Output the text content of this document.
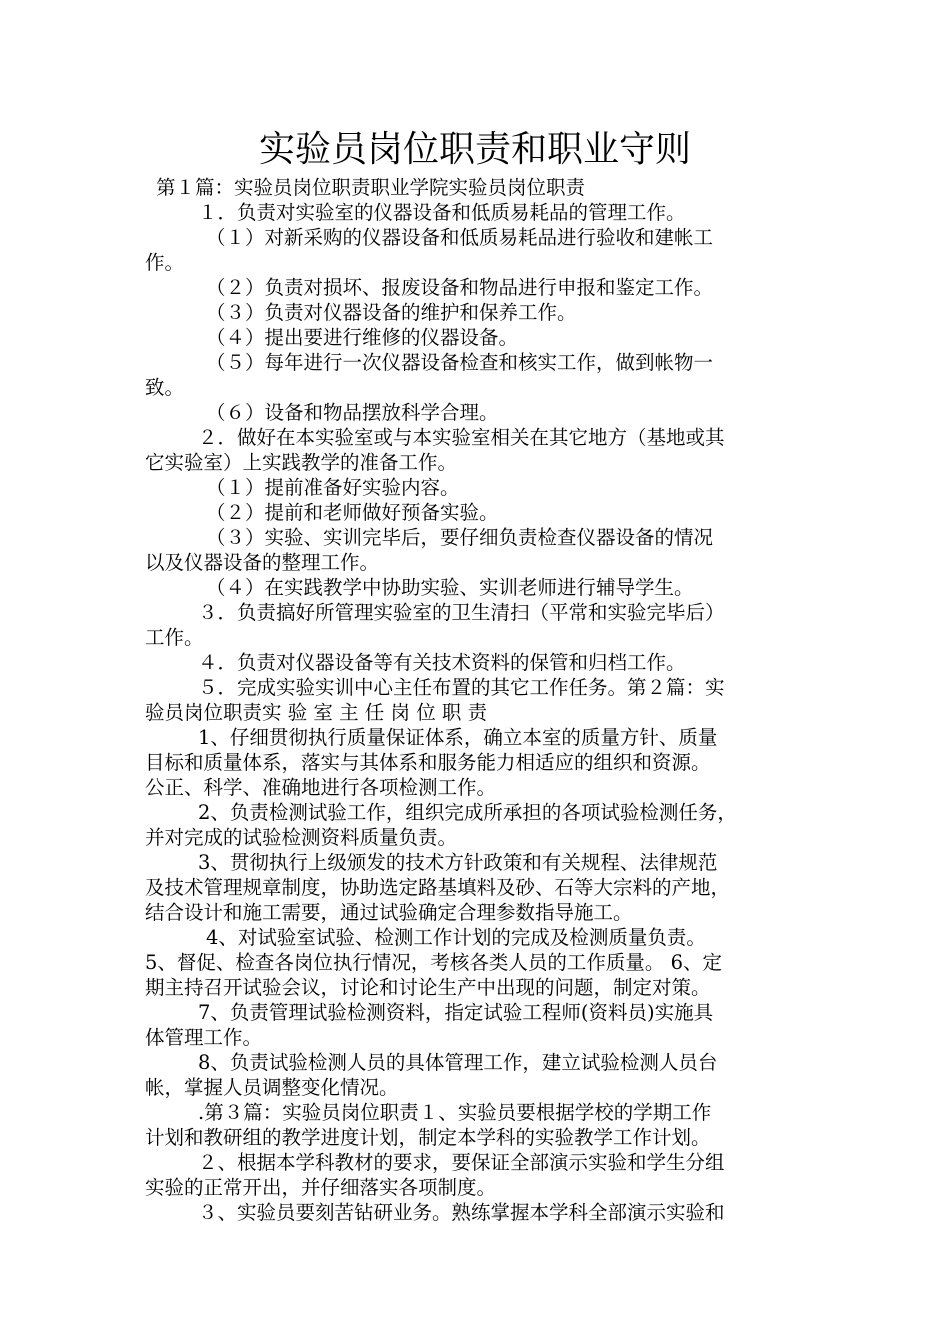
实验员岗位职责和职业守则
第１篇：实验员岗位职责职业学院实验员岗位职责
１．负责对实验室的仪器设备和低质易耗品的管理工作。
（１）对新采购的仪器设备和低质易耗品进行验收和建帐工
作。
（２）负责对损坏、报废设备和物品进行申报和鉴定工作。
（３）负责对仪器设备的维护和保养工作。
（４）提出要进行维修的仪器设备。
（５）每年进行一次仪器设备检查和核实工作，做到帐物一
致。
（６）设备和物品摆放科学合理。
２．做好在本实验室或与本实验室相关在其它地方（基地或其
它实验室）上实践教学的准备工作。
（１）提前准备好实验内容。
（２）提前和老师做好预备实验。
（３）实验、实训完毕后，要仔细负责检查仪器设备的情况
以及仪器设备的整理工作。
（４）在实践教学中协助实验、实训老师进行辅导学生。
３．负责搞好所管理实验室的卫生清扫（平常和实验完毕后）
工作。
４．负责对仪器设备等有关技术资料的保管和归档工作。
５．完成实验实训中心主任布置的其它工作任务。第２篇：实
验员岗位职责实 验 室 主 任 岗 位 职 责
1、仔细贯彻执行质量保证体系，确立本室的质量方针、质量
目标和质量体系，落实与其体系和服务能力相适应的组织和资源。
公正、科学、准确地进行各项检测工作。
2、负责检测试验工作，组织完成所承担的各项试验检测任务，
并对完成的试验检测资料质量负责。
3、贯彻执行上级颁发的技术方针政策和有关规程、法律规范
及技术管理规章制度，协助选定路基填料及砂、石等大宗料的产地，
结合设计和施工需要，通过试验确定合理参数指导施工。
4、对试验室试验、检测工作计划的完成及检测质量负责。
5、督促、检查各岗位执行情况，考核各类人员的工作质量。 6、定
期主持召开试验会议，讨论和讨论生产中出现的问题，制定对策。
7、负责管理试验检测资料，指定试验工程师(资料员)实施具
体管理工作。
8、负责试验检测人员的具体管理工作，建立试验检测人员台
帐，掌握人员调整变化情况。
.第３篇：实验员岗位职责１、实验员要根据学校的学期工作
计划和教研组的教学进度计划，制定本学科的实验教学工作计划。
２、根据本学科教材的要求，要保证全部演示实验和学生分组
实验的正常开出，并仔细落实各项制度。
３、实验员要刻苦钻研业务。熟练掌握本学科全部演示实验和
